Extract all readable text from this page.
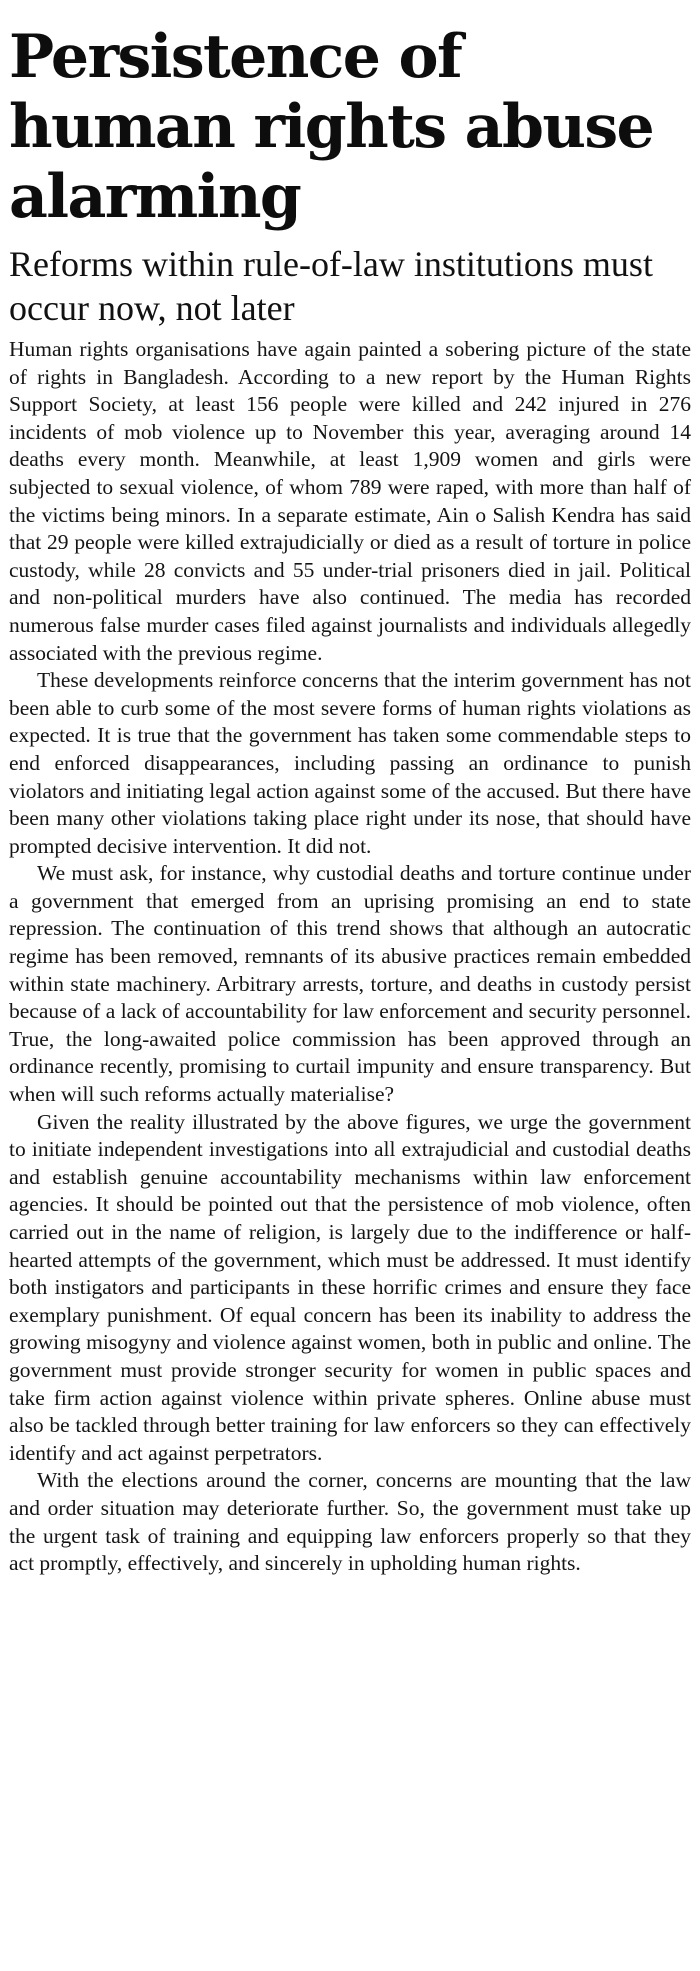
Persistence of human rights abuse alarming
Reforms within rule-of-law institutions must occur now, not later

Human rights organisations have again painted a sobering picture of the state of rights in Bangladesh. According to a new report by the Human Rights Support Society, at least 156 people were killed and 242 injured in 276 incidents of mob violence up to November this year, averaging around 14 deaths every month. Meanwhile, at least 1,909 women and girls were subjected to sexual violence, of whom 789 were raped, with more than half of the victims being minors. In a separate estimate, Ain o Salish Kendra has said that 29 people were killed extrajudicially or died as a result of torture in police custody, while 28 convicts and 55 under-trial prisoners died in jail. Political and non-political murders have also continued. The media has recorded numerous false murder cases filed against journalists and individuals allegedly associated with the previous regime.

These developments reinforce concerns that the interim government has not been able to curb some of the most severe forms of human rights violations as expected. It is true that the government has taken some commendable steps to end enforced disappearances, including passing an ordinance to punish violators and initiating legal action against some of the accused. But there have been many other violations taking place right under its nose, that should have prompted decisive intervention. It did not.

We must ask, for instance, why custodial deaths and torture continue under a government that emerged from an uprising promising an end to state repression. The continuation of this trend shows that although an autocratic regime has been removed, remnants of its abusive practices remain embedded within state machinery. Arbitrary arrests, torture, and deaths in custody persist because of a lack of accountability for law enforcement and security personnel. True, the long-awaited police commission has been approved through an ordinance recently, promising to curtail impunity and ensure transparency. But when will such reforms actually materialise?

Given the reality illustrated by the above figures, we urge the government to initiate independent investigations into all extrajudicial and custodial deaths and establish genuine accountability mechanisms within law enforcement agencies. It should be pointed out that the persistence of mob violence, often carried out in the name of religion, is largely due to the indifference or half-hearted attempts of the government, which must be addressed. It must identify both instigators and participants in these horrific crimes and ensure they face exemplary punishment. Of equal concern has been its inability to address the growing misogyny and violence against women, both in public and online. The government must provide stronger security for women in public spaces and take firm action against violence within private spheres. Online abuse must also be tackled through better training for law enforcers so they can effectively identify and act against perpetrators.

With the elections around the corner, concerns are mounting that the law and order situation may deteriorate further. So, the government must take up the urgent task of training and equipping law enforcers properly so that they act promptly, effectively, and sincerely in upholding human rights.
